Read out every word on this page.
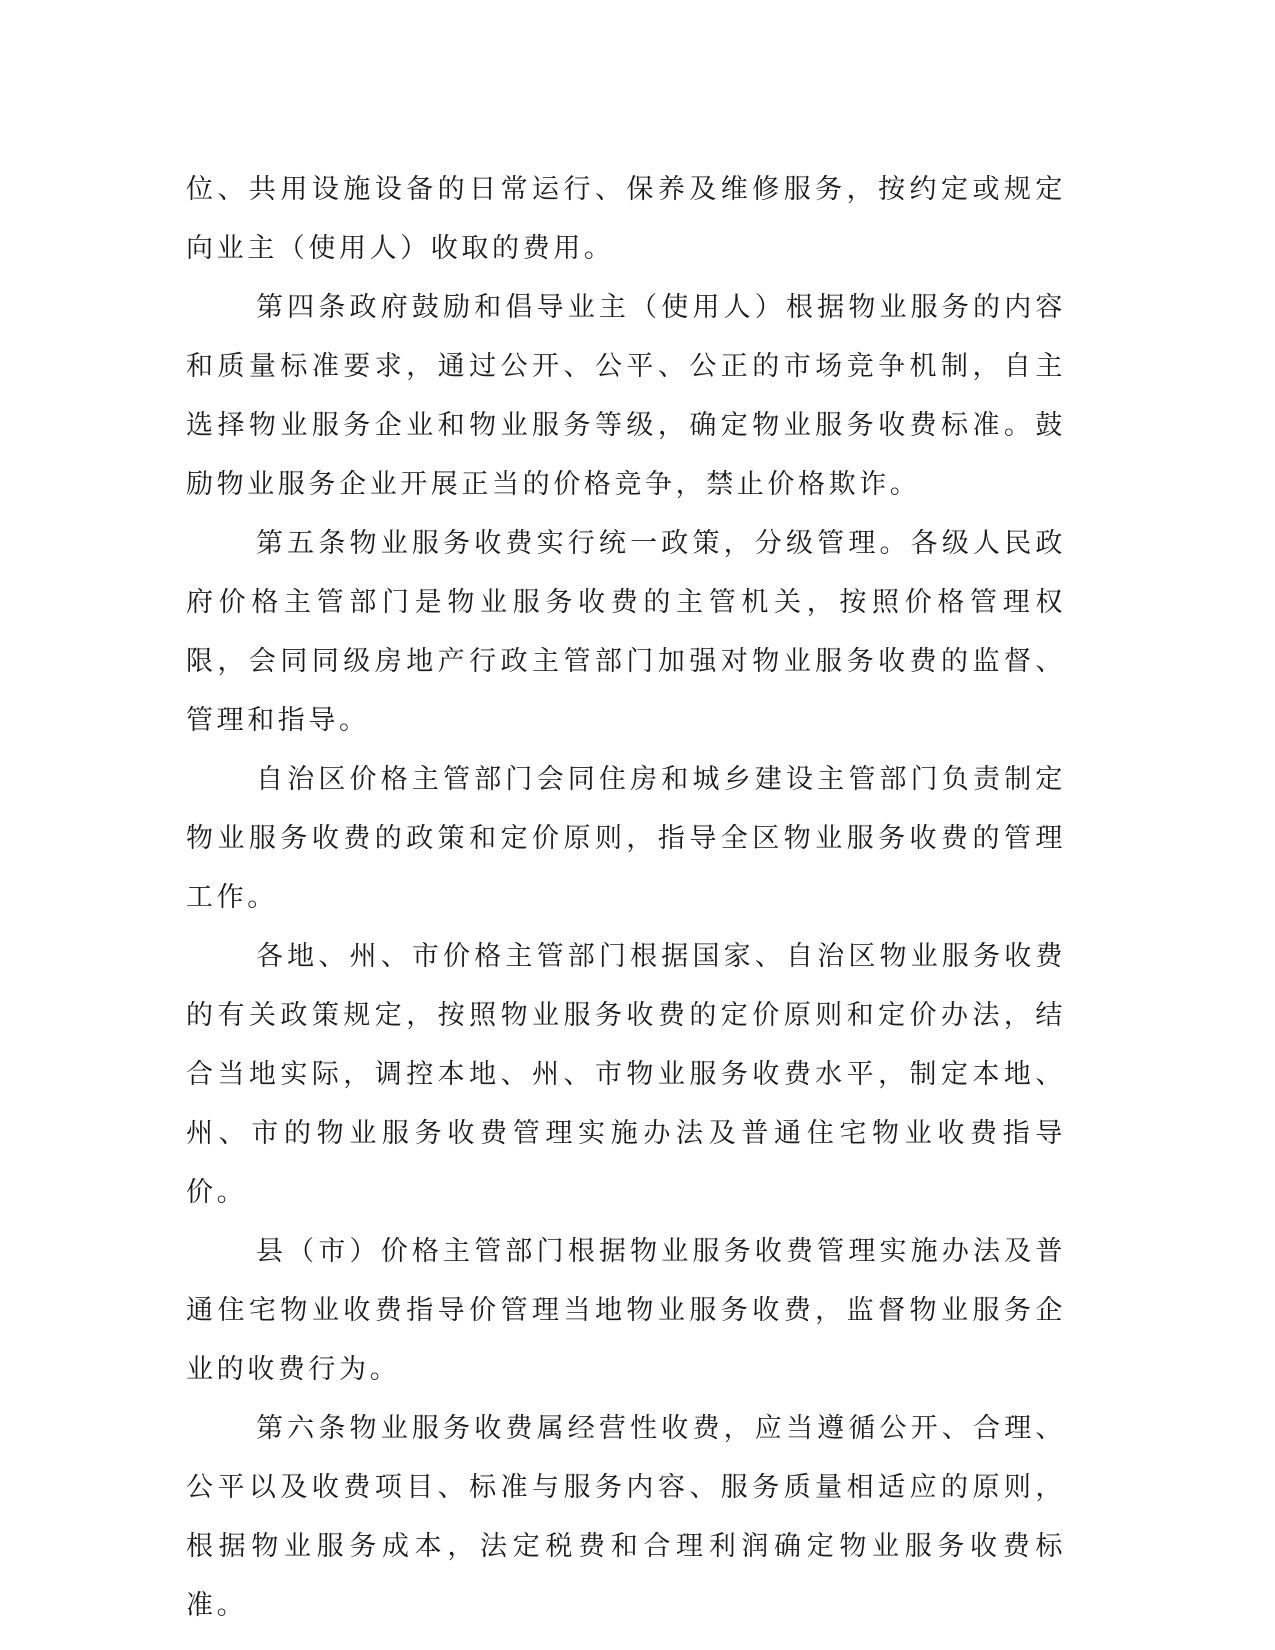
位、共用设施设备的日常运行、保养及维修服务，按约定或规定向业主（使用人）收取的费用。

第四条政府鼓励和倡导业主（使用人）根据物业服务的内容和质量标准要求，通过公开、公平、公正的市场竞争机制，自主选择物业服务企业和物业服务等级，确定物业服务收费标准。鼓励物业服务企业开展正当的价格竞争，禁止价格欺诈。

第五条物业服务收费实行统一政策，分级管理。各级人民政府价格主管部门是物业服务收费的主管机关，按照价格管理权限，会同同级房地产行政主管部门加强对物业服务收费的监督、管理和指导。

自治区价格主管部门会同住房和城乡建设主管部门负责制定物业服务收费的政策和定价原则，指导全区物业服务收费的管理工作。

各地、州、市价格主管部门根据国家、自治区物业服务收费的有关政策规定，按照物业服务收费的定价原则和定价办法，结合当地实际，调控本地、州、市物业服务收费水平，制定本地、州、市的物业服务收费管理实施办法及普通住宅物业收费指导价。

县（市）价格主管部门根据物业服务收费管理实施办法及普通住宅物业收费指导价管理当地物业服务收费，监督物业服务企业的收费行为。

第六条物业服务收费属经营性收费，应当遵循公开、合理、公平以及收费项目、标准与服务内容、服务质量相适应的原则，根据物业服务成本，法定税费和合理利润确定物业服务收费标准。
